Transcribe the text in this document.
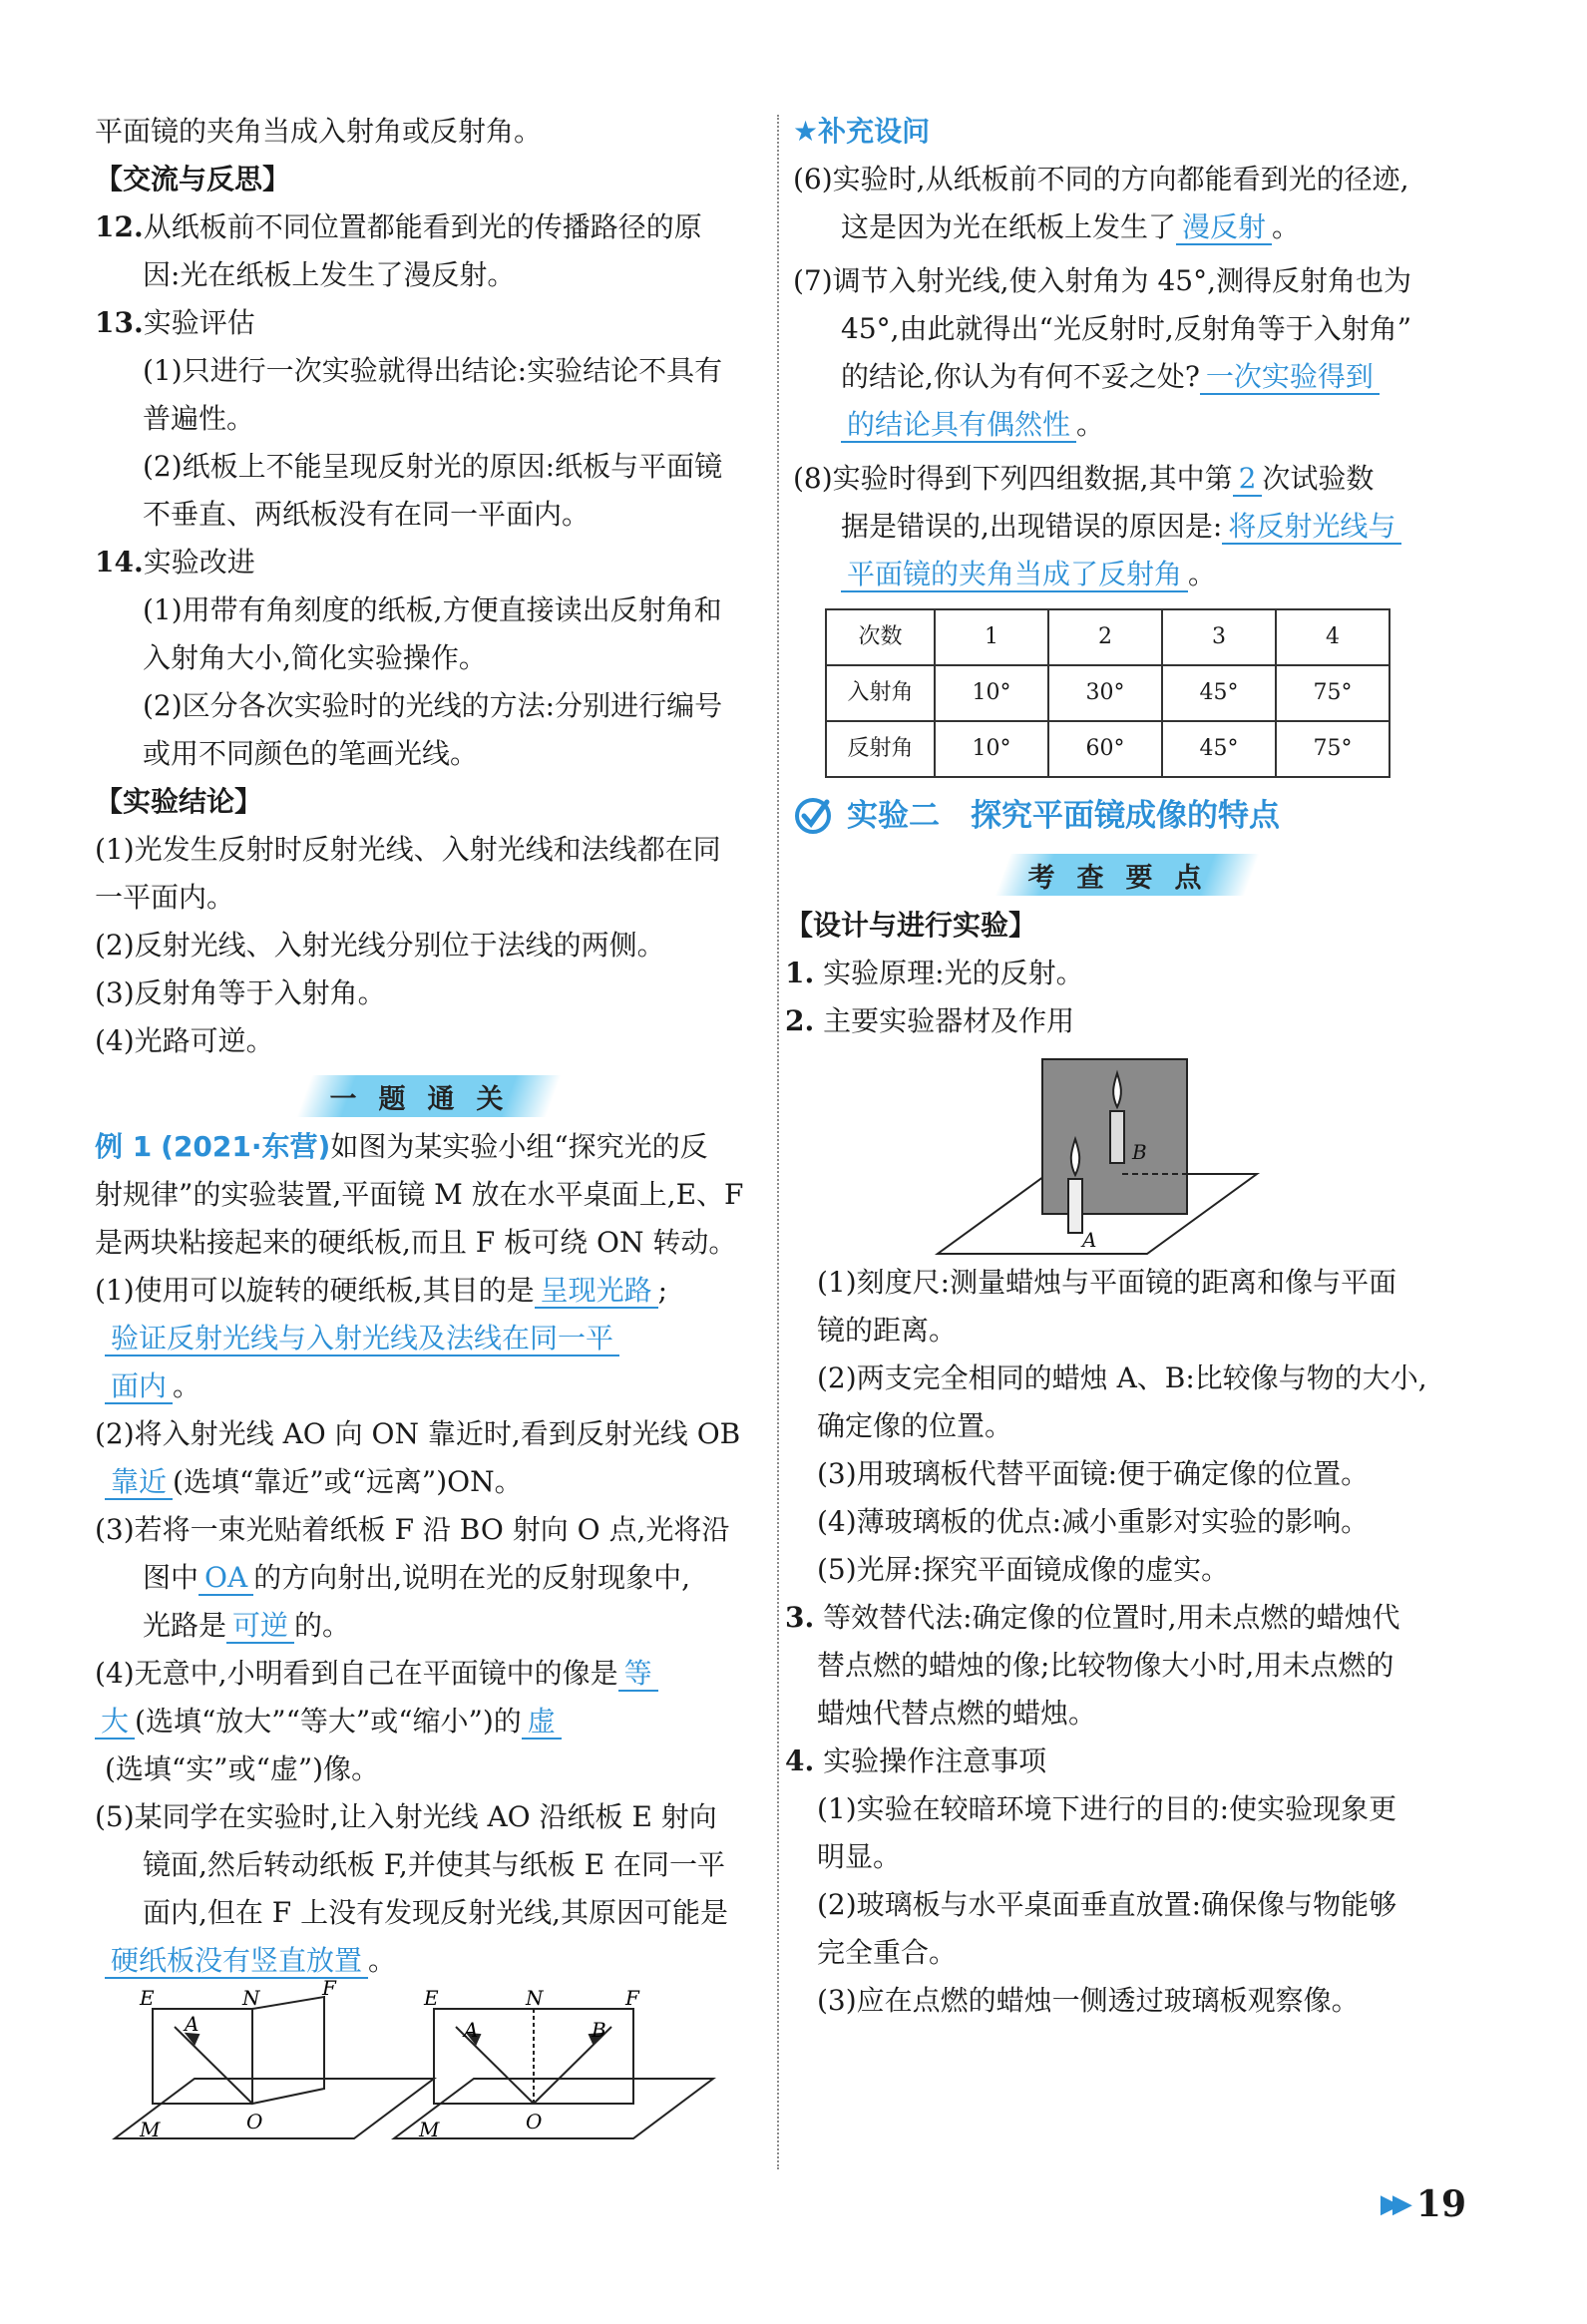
平面镜的夹角当成入射角或反射角。

【交流与反思】

12.从纸板前不同位置都能看到光的传播路径的原

因:光在纸板上发生了漫反射。

13.实验评估

(1)只进行一次实验就得出结论:实验结论不具有

普遍性。

(2)纸板上不能呈现反射光的原因:纸板与平面镜

不垂直、两纸板没有在同一平面内。

14.实验改进

(1)用带有角刻度的纸板,方便直接读出反射角和

入射角大小,简化实验操作。

(2)区分各次实验时的光线的方法:分别进行编号

或用不同颜色的笔画光线。

【实验结论】

(1)光发生反射时反射光线、入射光线和法线都在同

一平面内。

(2)反射光线、入射光线分别位于法线的两侧。

(3)反射角等于入射角。

(4)光路可逆。

一题通关

例 1 (2021·东营)如图为某实验小组“探究光的反

射规律”的实验装置,平面镜 M 放在水平桌面上,E、F

是两块粘接起来的硬纸板,而且 F 板可绕 ON 转动。

(1)使用可以旋转的硬纸板,其目的是 呈现光路 ;

验证反射光线与入射光线及法线在同一平

面内 。

(2)将入射光线 AO 向 ON 靠近时,看到反射光线 OB

靠近 (选填“靠近”或“远离”)ON。

(3)若将一束光贴着纸板 F 沿 BO 射向 O 点,光将沿

图中 OA 的方向射出,说明在光的反射现象中,

光路是 可逆 的。

(4)无意中,小明看到自己在平面镜中的像是 等

大 (选填“放大”“等大”或“缩小”)的 虚

(选填“实”或“虚”)像。

(5)某同学在实验时,让入射光线 AO 沿纸板 E 射向

镜面,然后转动纸板 F,并使其与纸板 E 在同一平

面内,但在 F 上没有发现反射光线,其原因可能是

硬纸板没有竖直放置 。

E	N	F
A
O
M
E	N	F
A	B
O
M

★补充设问

(6)实验时,从纸板前不同的方向都能看到光的径迹,

这是因为光在纸板上发生了 漫反射 。

(7)调节入射光线,使入射角为 45°,测得反射角也为

45°,由此就得出“光反射时,反射角等于入射角”

的结论,你认为有何不妥之处? 一次实验得到

的结论具有偶然性 。

(8)实验时得到下列四组数据,其中第 2 次试验数

据是错误的,出现错误的原因是: 将反射光线与

平面镜的夹角当成了反射角 。

次数	1	2	3	4
入射角	10°	30°	45°	75°
反射角	10°	60°	45°	75°
实验二　探究平面镜成像的特点
考查要点

【设计与进行实验】

1. 实验原理:光的反射。

2. 主要实验器材及作用

B
A

(1)刻度尺:测量蜡烛与平面镜的距离和像与平面

镜的距离。

(2)两支完全相同的蜡烛 A、B:比较像与物的大小,

确定像的位置。

(3)用玻璃板代替平面镜:便于确定像的位置。

(4)薄玻璃板的优点:减小重影对实验的影响。

(5)光屏:探究平面镜成像的虚实。

3. 等效替代法:确定像的位置时,用未点燃的蜡烛代

替点燃的蜡烛的像;比较物像大小时,用未点燃的

蜡烛代替点燃的蜡烛。

4. 实验操作注意事项

(1)实验在较暗环境下进行的目的:使实验现象更

明显。

(2)玻璃板与水平桌面垂直放置:确保像与物能够

完全重合。

(3)应在点燃的蜡烛一侧透过玻璃板观察像。

▶▶ 19
